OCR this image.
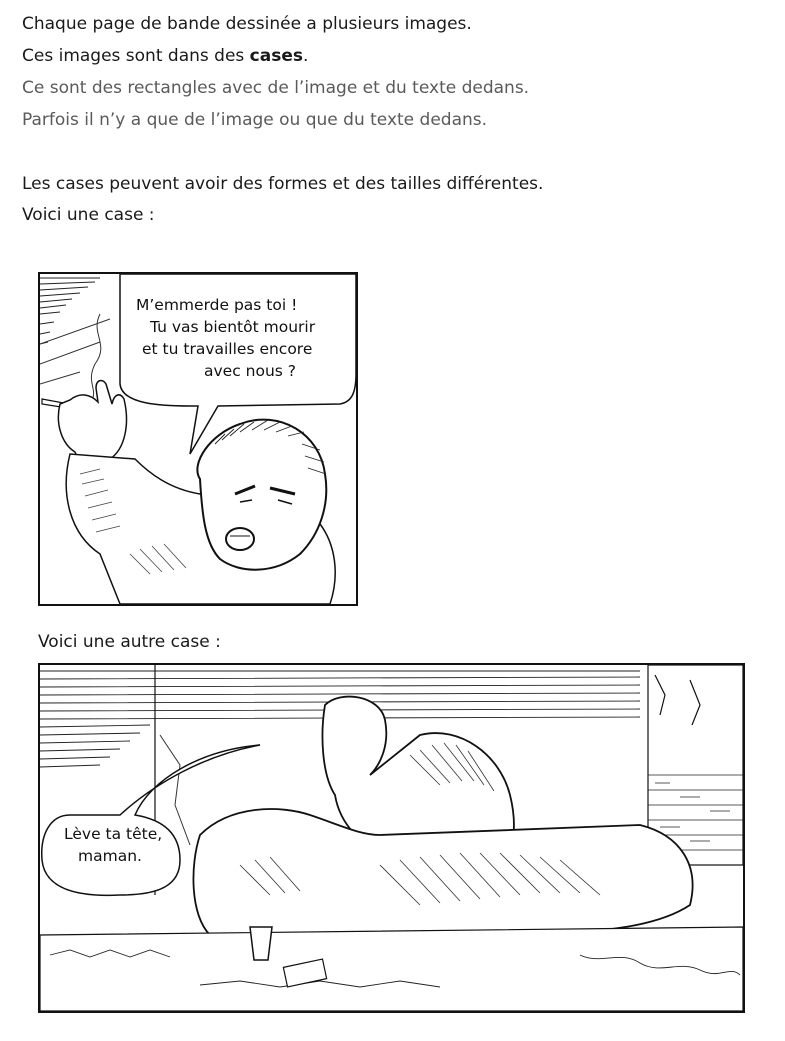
Chaque page de bande dessinée a plusieurs images.
Ces images sont dans des cases.
Ce sont des rectangles avec de l’image et du texte dedans.
Parfois il n’y a que de l’image ou que du texte dedans.
Les cases peuvent avoir des formes et des tailles différentes.
Voici une case :
M’emmerde pas toi !
Tu vas bientôt mourir
et tu travailles encore
avec nous ?
Voici une autre case :
Lève ta tête,
maman.
